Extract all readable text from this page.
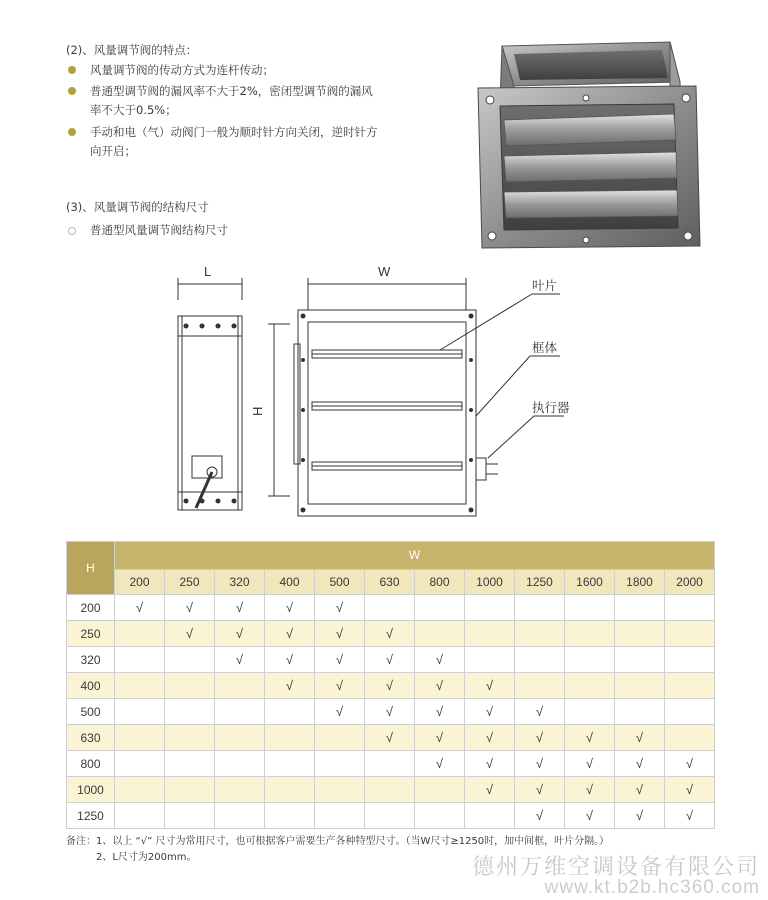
(2)、风量调节阀的特点：
风量调节阀的传动方式为连杆传动；
普通型调节阀的漏风率不大于2%，密闭型调节阀的漏风
率不大于0.5%；
手动和电（气）动阀门一般为顺时针方向关闭，逆时针方
向开启；
(3)、风量调节阀的结构尺寸
普通型风量调节阀结构尺寸
L	W
H
叶片
框体
执行器
H	W											
	200	250	320	400	500	630	800	1000	1250	1600	1800	2000
200	√	√	√	√	√							
250		√	√	√	√	√						
320			√	√	√	√	√					
400				√	√	√	√	√				
500					√	√	√	√	√			
630						√	√	√	√	√	√	
800							√	√	√	√	√	√
1000								√	√	√	√	√
1250									√	√	√	√
备注：1、以上 “√” 尺寸为常用尺寸，也可根据客户需要生产各种特型尺寸。（当W尺寸≥1250时，加中间框，叶片分隔。）
2、L尺寸为200mm。	德州万维空调设备有限公司
www.kt.b2b.hc360.com
